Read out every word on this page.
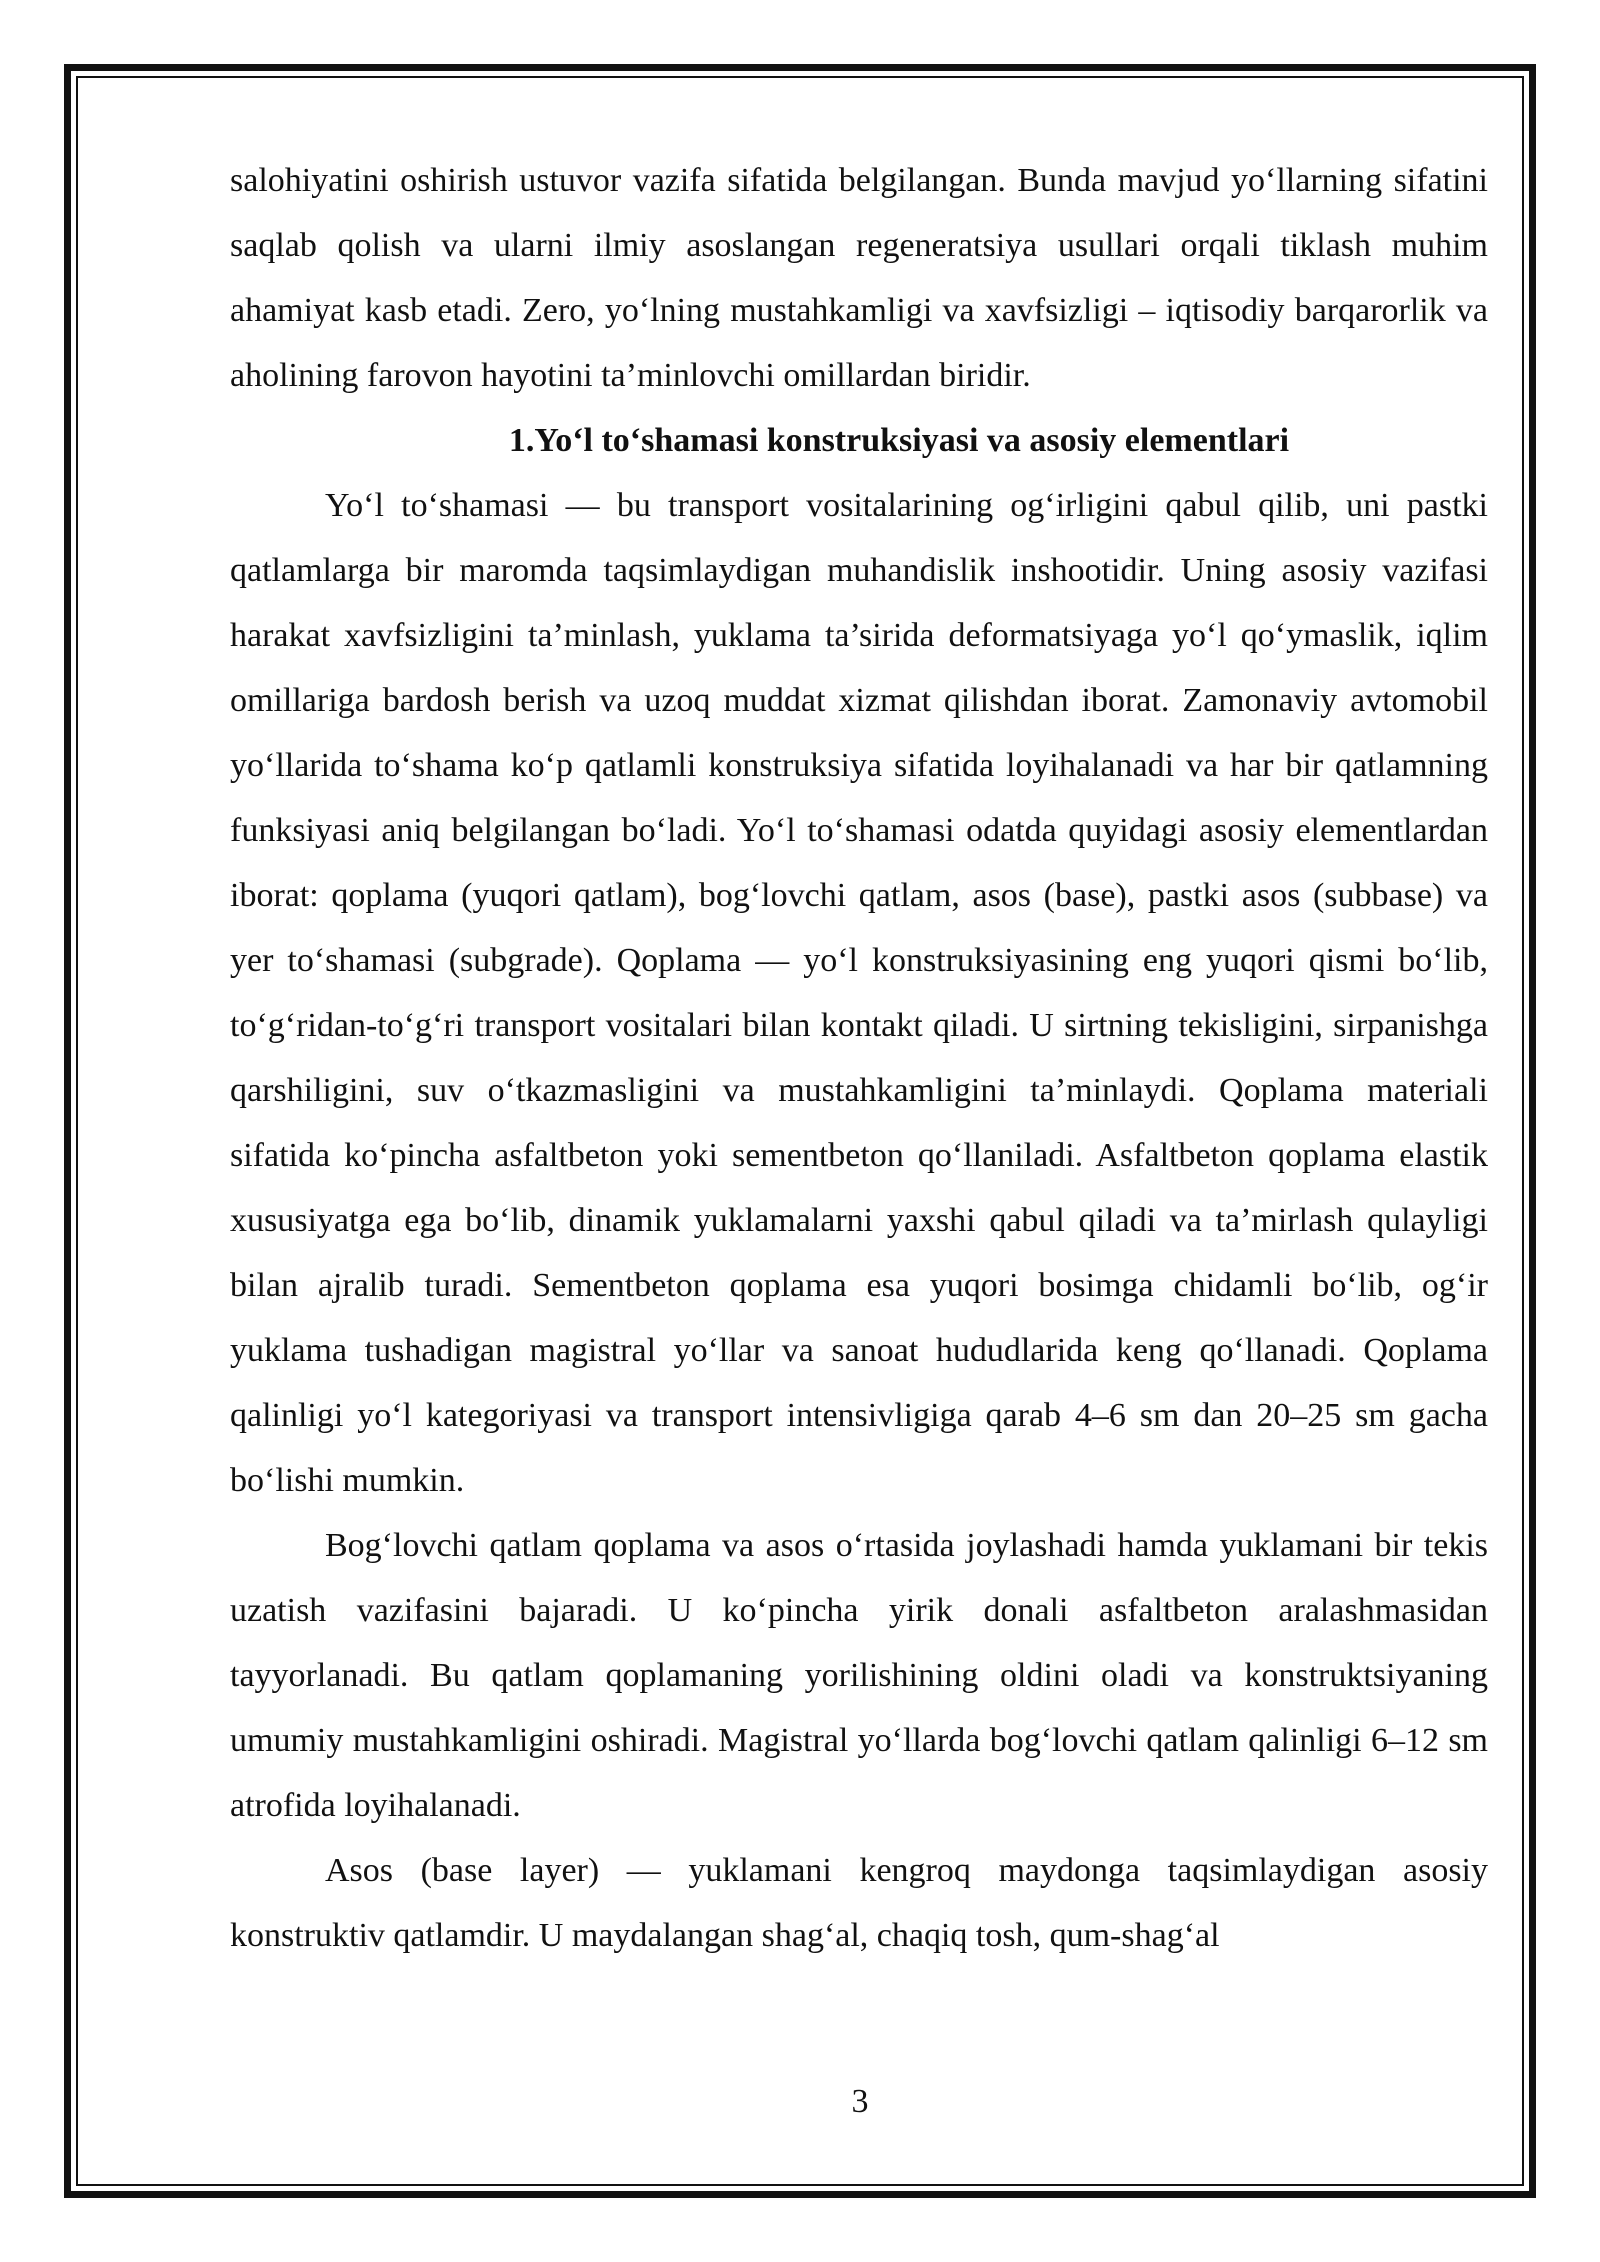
salohiyatini oshirish ustuvor vazifa sifatida belgilangan. Bunda mavjud yo‘llarning sifatini saqlab qolish va ularni ilmiy asoslangan regeneratsiya usullari orqali tiklash muhim ahamiyat kasb etadi. Zero, yo‘lning mustahkamligi va xavfsizligi – iqtisodiy barqarorlik va aholining farovon hayotini ta’minlovchi omillardan biridir.

1.Yo‘l to‘shamasi konstruksiyasi va asosiy elementlari

Yo‘l to‘shamasi — bu transport vositalarining og‘irligini qabul qilib, uni pastki qatlamlarga bir maromda taqsimlaydigan muhandislik inshootidir. Uning asosiy vazifasi harakat xavfsizligini ta’minlash, yuklama ta’sirida deformatsiyaga yo‘l qo‘ymaslik, iqlim omillariga bardosh berish va uzoq muddat xizmat qilishdan iborat. Zamonaviy avtomobil yo‘llarida to‘shama ko‘p qatlamli konstruksiya sifatida loyihalanadi va har bir qatlamning funksiyasi aniq belgilangan bo‘ladi. Yo‘l to‘shamasi odatda quyidagi asosiy elementlardan iborat: qoplama (yuqori qatlam), bog‘lovchi qatlam, asos (base), pastki asos (subbase) va yer to‘shamasi (subgrade). Qoplama — yo‘l konstruksiyasining eng yuqori qismi bo‘lib, to‘g‘ridan-to‘g‘ri transport vositalari bilan kontakt qiladi. U sirtning tekisligini, sirpanishga qarshiligini, suv o‘tkazmasligini va mustahkamligini ta’minlaydi. Qoplama materiali sifatida ko‘pincha asfaltbeton yoki sementbeton qo‘llaniladi. Asfaltbeton qoplama elastik xususiyatga ega bo‘lib, dinamik yuklamalarni yaxshi qabul qiladi va ta’mirlash qulayligi bilan ajralib turadi. Sementbeton qoplama esa yuqori bosimga chidamli bo‘lib, og‘ir yuklama tushadigan magistral yo‘llar va sanoat hududlarida keng qo‘llanadi. Qoplama qalinligi yo‘l kategoriyasi va transport intensivligiga qarab 4–6 sm dan 20–25 sm gacha bo‘lishi mumkin.

Bog‘lovchi qatlam qoplama va asos o‘rtasida joylashadi hamda yuklamani bir tekis uzatish vazifasini bajaradi. U ko‘pincha yirik donali asfaltbeton aralashmasidan tayyorlanadi. Bu qatlam qoplamaning yorilishining oldini oladi va konstruktsiyaning umumiy mustahkamligini oshiradi. Magistral yo‘llarda bog‘lovchi qatlam qalinligi 6–12 sm atrofida loyihalanadi.

Asos (base layer) — yuklamani kengroq maydonga taqsimlaydigan asosiy konstruktiv qatlamdir. U maydalangan shag‘al, chaqiq tosh, qum-shag‘al

3
